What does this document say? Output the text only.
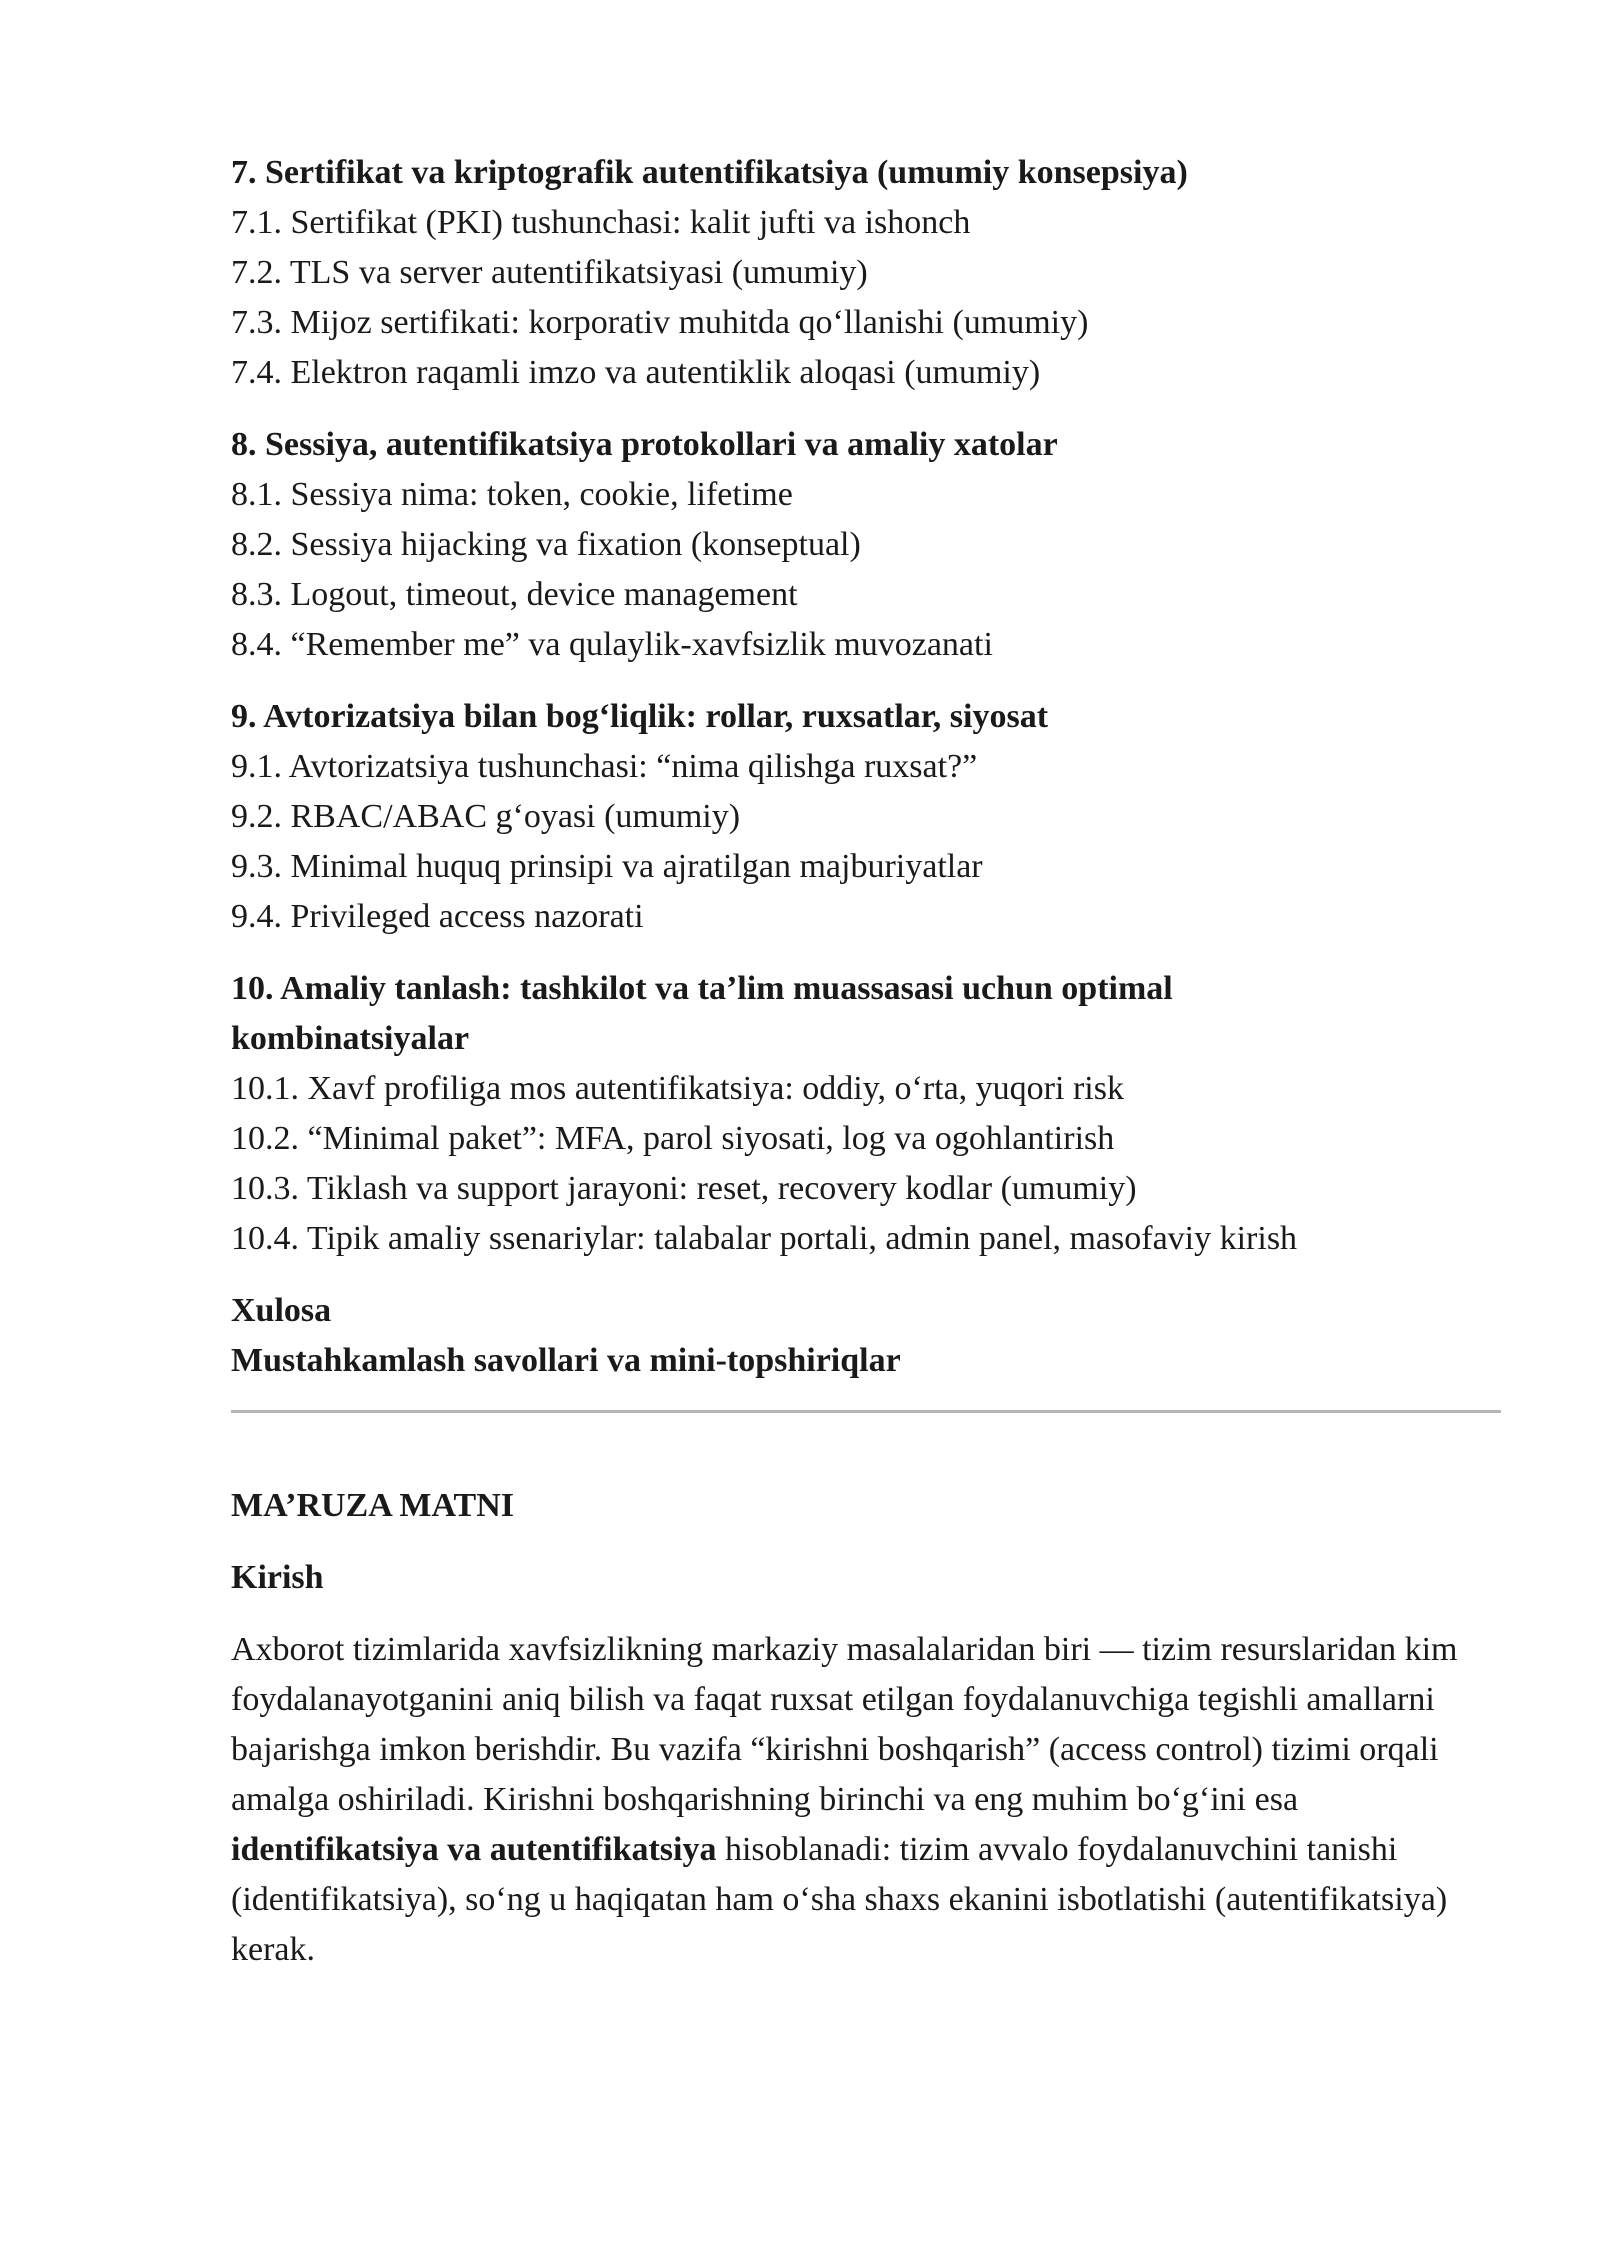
7. Sertifikat va kriptografik autentifikatsiya (umumiy konsepsiya)
7.1. Sertifikat (PKI) tushunchasi: kalit jufti va ishonch
7.2. TLS va server autentifikatsiyasi (umumiy)
7.3. Mijoz sertifikati: korporativ muhitda qo‘llanishi (umumiy)
7.4. Elektron raqamli imzo va autentiklik aloqasi (umumiy)
8. Sessiya, autentifikatsiya protokollari va amaliy xatolar
8.1. Sessiya nima: token, cookie, lifetime
8.2. Sessiya hijacking va fixation (konseptual)
8.3. Logout, timeout, device management
8.4. “Remember me” va qulaylik-xavfsizlik muvozanati
9. Avtorizatsiya bilan bog‘liqlik: rollar, ruxsatlar, siyosat
9.1. Avtorizatsiya tushunchasi: “nima qilishga ruxsat?”
9.2. RBAC/ABAC g‘oyasi (umumiy)
9.3. Minimal huquq prinsipi va ajratilgan majburiyatlar
9.4. Privileged access nazorati
10. Amaliy tanlash: tashkilot va ta’lim muassasasi uchun optimal kombinatsiyalar
10.1. Xavf profiliga mos autentifikatsiya: oddiy, o‘rta, yuqori risk
10.2. “Minimal paket”: MFA, parol siyosati, log va ogohlantirish
10.3. Tiklash va support jarayoni: reset, recovery kodlar (umumiy)
10.4. Tipik amaliy ssenariylar: talabalar portali, admin panel, masofaviy kirish
Xulosa
Mustahkamlash savollari va mini-topshiriqlar
MA’RUZA MATNI
Kirish
Axborot tizimlarida xavfsizlikning markaziy masalalaridan biri — tizim resurslaridan kim foydalanayotganini aniq bilish va faqat ruxsat etilgan foydalanuvchiga tegishli amallarni bajarishga imkon berishdir. Bu vazifa “kirishni boshqarish” (access control) tizimi orqali amalga oshiriladi. Kirishni boshqarishning birinchi va eng muhim bo‘g‘ini esa identifikatsiya va autentifikatsiya hisoblanadi: tizim avvalo foydalanuvchini tanishi (identifikatsiya), so‘ng u haqiqatan ham o‘sha shaxs ekanini isbotlatishi (autentifikatsiya) kerak.
